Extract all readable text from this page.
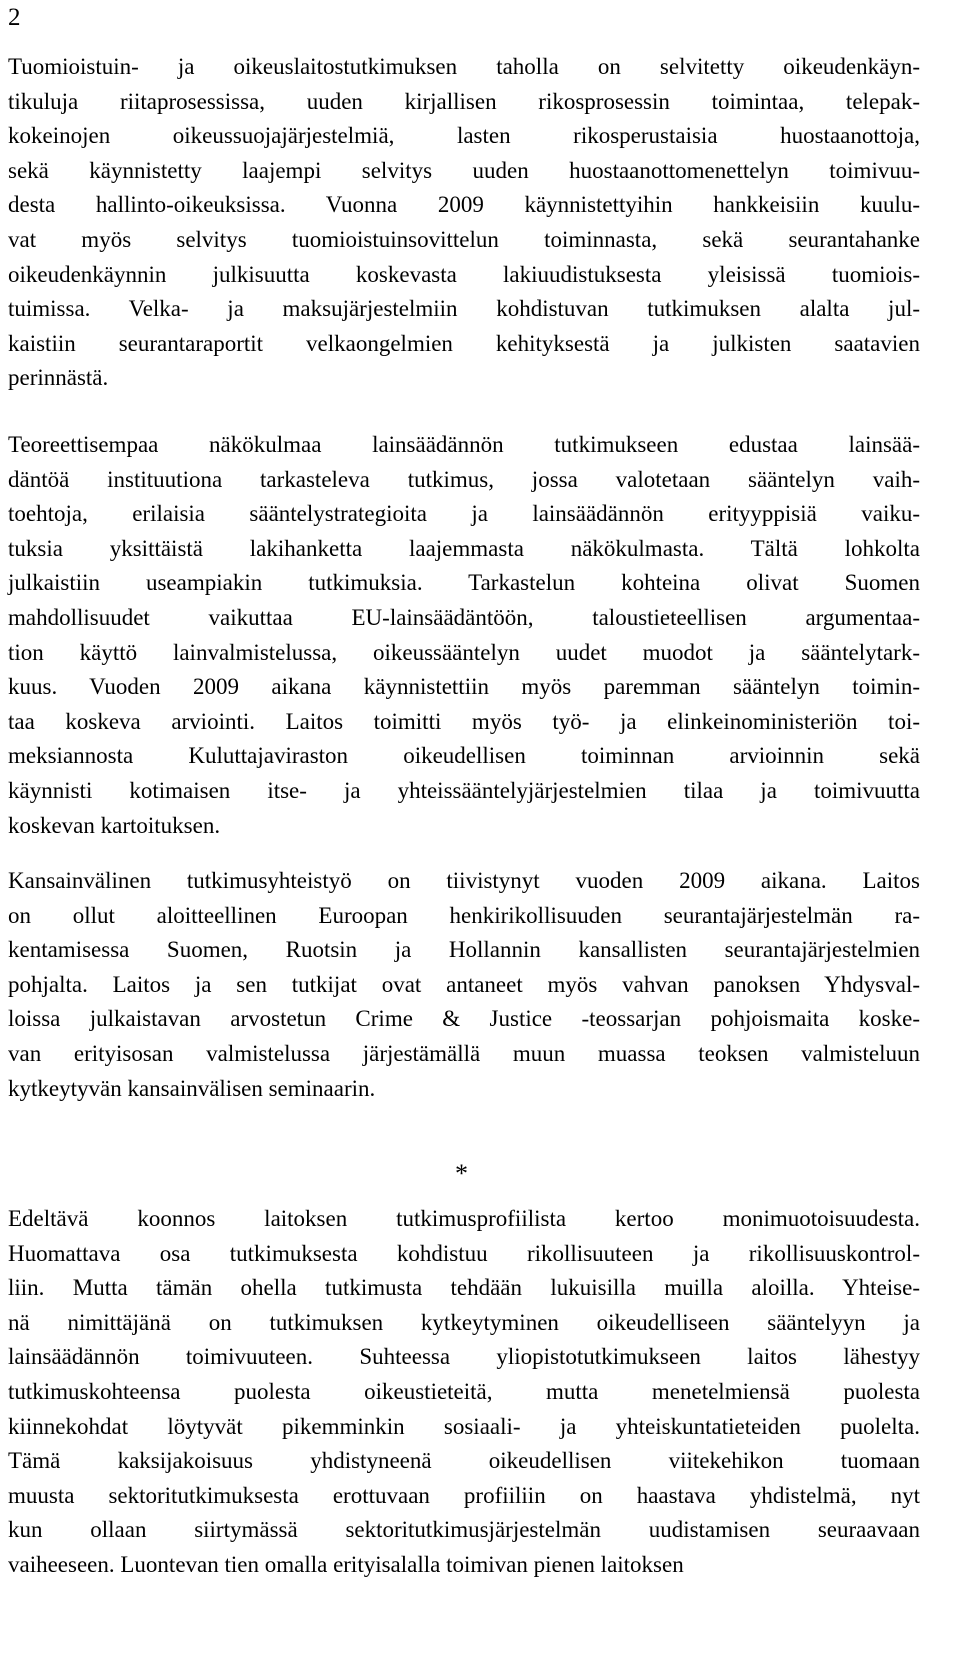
2
Tuomioistuin- ja oikeuslaitostutkimuksen taholla on selvitetty oikeudenkäyn-
tikuluja riitaprosessissa, uuden kirjallisen rikosprosessin toimintaa, telepak-
kokeinojen oikeussuojajärjestelmiä, lasten rikosperustaisia huostaanottoja,
sekä käynnistetty laajempi selvitys uuden huostaanottomenettelyn toimivuu-
desta hallinto-oikeuksissa. Vuonna 2009 käynnistettyihin hankkeisiin kuulu-
vat myös selvitys tuomioistuinsovittelun toiminnasta, sekä seurantahanke
oikeudenkäynnin julkisuutta koskevasta lakiuudistuksesta yleisissä tuomiois-
tuimissa. Velka- ja maksujärjestelmiin kohdistuvan tutkimuksen alalta jul-
kaistiin seurantaraportit velkaongelmien kehityksestä ja julkisten saatavien
perinnästä.
Teoreettisempaa näkökulmaa lainsäädännön tutkimukseen edustaa lainsää-
däntöä instituutiona tarkasteleva tutkimus, jossa valotetaan sääntelyn vaih-
toehtoja, erilaisia sääntelystrategioita ja lainsäädännön erityyppisiä vaiku-
tuksia yksittäistä lakihanketta laajemmasta näkökulmasta. Tältä lohkolta
julkaistiin useampiakin tutkimuksia. Tarkastelun kohteina olivat Suomen
mahdollisuudet vaikuttaa EU-lainsäädäntöön, taloustieteellisen argumentaa-
tion käyttö lainvalmistelussa, oikeussääntelyn uudet muodot ja sääntelytark-
kuus. Vuoden 2009 aikana käynnistettiin myös paremman sääntelyn toimin-
taa koskeva arviointi. Laitos toimitti myös työ- ja elinkeinoministeriön toi-
meksiannosta Kuluttajaviraston oikeudellisen toiminnan arvioinnin sekä
käynnisti kotimaisen itse- ja yhteissääntelyjärjestelmien tilaa ja toimivuutta
koskevan kartoituksen.
Kansainvälinen tutkimusyhteistyö on tiivistynyt vuoden 2009 aikana. Laitos
on ollut aloitteellinen Euroopan henkirikollisuuden seurantajärjestelmän ra-
kentamisessa Suomen, Ruotsin ja Hollannin kansallisten seurantajärjestelmien
pohjalta. Laitos ja sen tutkijat ovat antaneet myös vahvan panoksen Yhdysval-
loissa julkaistavan arvostetun Crime & Justice -teossarjan pohjoismaita koske-
van erityisosan valmistelussa järjestämällä muun muassa teoksen valmisteluun
kytkeytyvän kansainvälisen seminaarin.
*
Edeltävä koonnos laitoksen tutkimusprofiilista kertoo monimuotoisuudesta.
Huomattava osa tutkimuksesta kohdistuu rikollisuuteen ja rikollisuuskontrol-
liin. Mutta tämän ohella tutkimusta tehdään lukuisilla muilla aloilla. Yhteise-
nä nimittäjänä on tutkimuksen kytkeytyminen oikeudelliseen sääntelyyn ja
lainsäädännön toimivuuteen. Suhteessa yliopistotutkimukseen laitos lähestyy
tutkimuskohteensa puolesta oikeustieteitä, mutta menetelmiensä puolesta
kiinnekohdat löytyvät pikemminkin sosiaali- ja yhteiskuntatieteiden puolelta.
Tämä kaksijakoisuus yhdistyneenä oikeudellisen viitekehikon tuomaan
muusta sektoritutkimuksesta erottuvaan profiiliin on haastava yhdistelmä, nyt
kun ollaan siirtymässä sektoritutkimusjärjestelmän uudistamisen seuraavaan
vaiheeseen. Luontevan tien omalla erityisalalla toimivan pienen laitoksen
